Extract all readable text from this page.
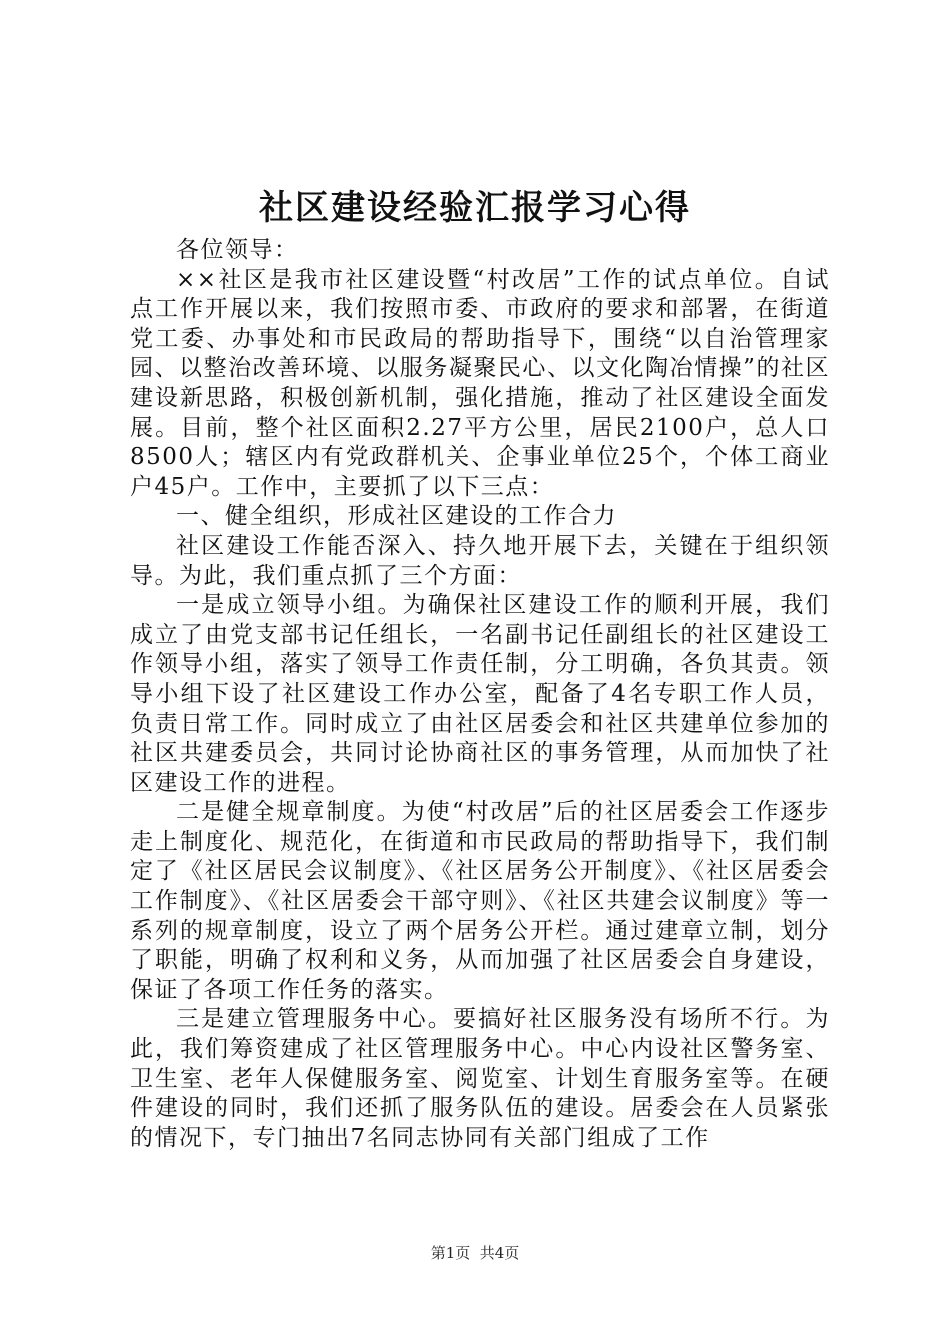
社区建设经验汇报学习心得

各位领导：

××社区是我市社区建设暨“村改居”工作的试点单位。自试点工作开展以来，我们按照市委、市政府的要求和部署，在街道党工委、办事处和市民政局的帮助指导下，围绕“以自治管理家园、以整治改善环境、以服务凝聚民心、以文化陶冶情操”的社区建设新思路，积极创新机制，强化措施，推动了社区建设全面发展。目前，整个社区面积2.27平方公里，居民2100户，总人口8500人；辖区内有党政群机关、企事业单位25个，个体工商业户45户。工作中，主要抓了以下三点：

一、健全组织，形成社区建设的工作合力

社区建设工作能否深入、持久地开展下去，关键在于组织领导。为此，我们重点抓了三个方面：

一是成立领导小组。为确保社区建设工作的顺利开展，我们成立了由党支部书记任组长，一名副书记任副组长的社区建设工作领导小组，落实了领导工作责任制，分工明确，各负其责。领导小组下设了社区建设工作办公室，配备了4名专职工作人员，负责日常工作。同时成立了由社区居委会和社区共建单位参加的社区共建委员会，共同讨论协商社区的事务管理，从而加快了社区建设工作的进程。

二是健全规章制度。为使“村改居”后的社区居委会工作逐步走上制度化、规范化，在街道和市民政局的帮助指导下，我们制定了《社区居民会议制度》、《社区居务公开制度》、《社区居委会工作制度》、《社区居委会干部守则》、《社区共建会议制度》等一系列的规章制度，设立了两个居务公开栏。通过建章立制，划分了职能，明确了权利和义务，从而加强了社区居委会自身建设，保证了各项工作任务的落实。

三是建立管理服务中心。要搞好社区服务没有场所不行。为此，我们筹资建成了社区管理服务中心。中心内设社区警务室、卫生室、老年人保健服务室、阅览室、计划生育服务室等。在硬件建设的同时，我们还抓了服务队伍的建设。居委会在人员紧张的情况下，专门抽出7名同志协同有关部门组成了工作

第1页  共4页
